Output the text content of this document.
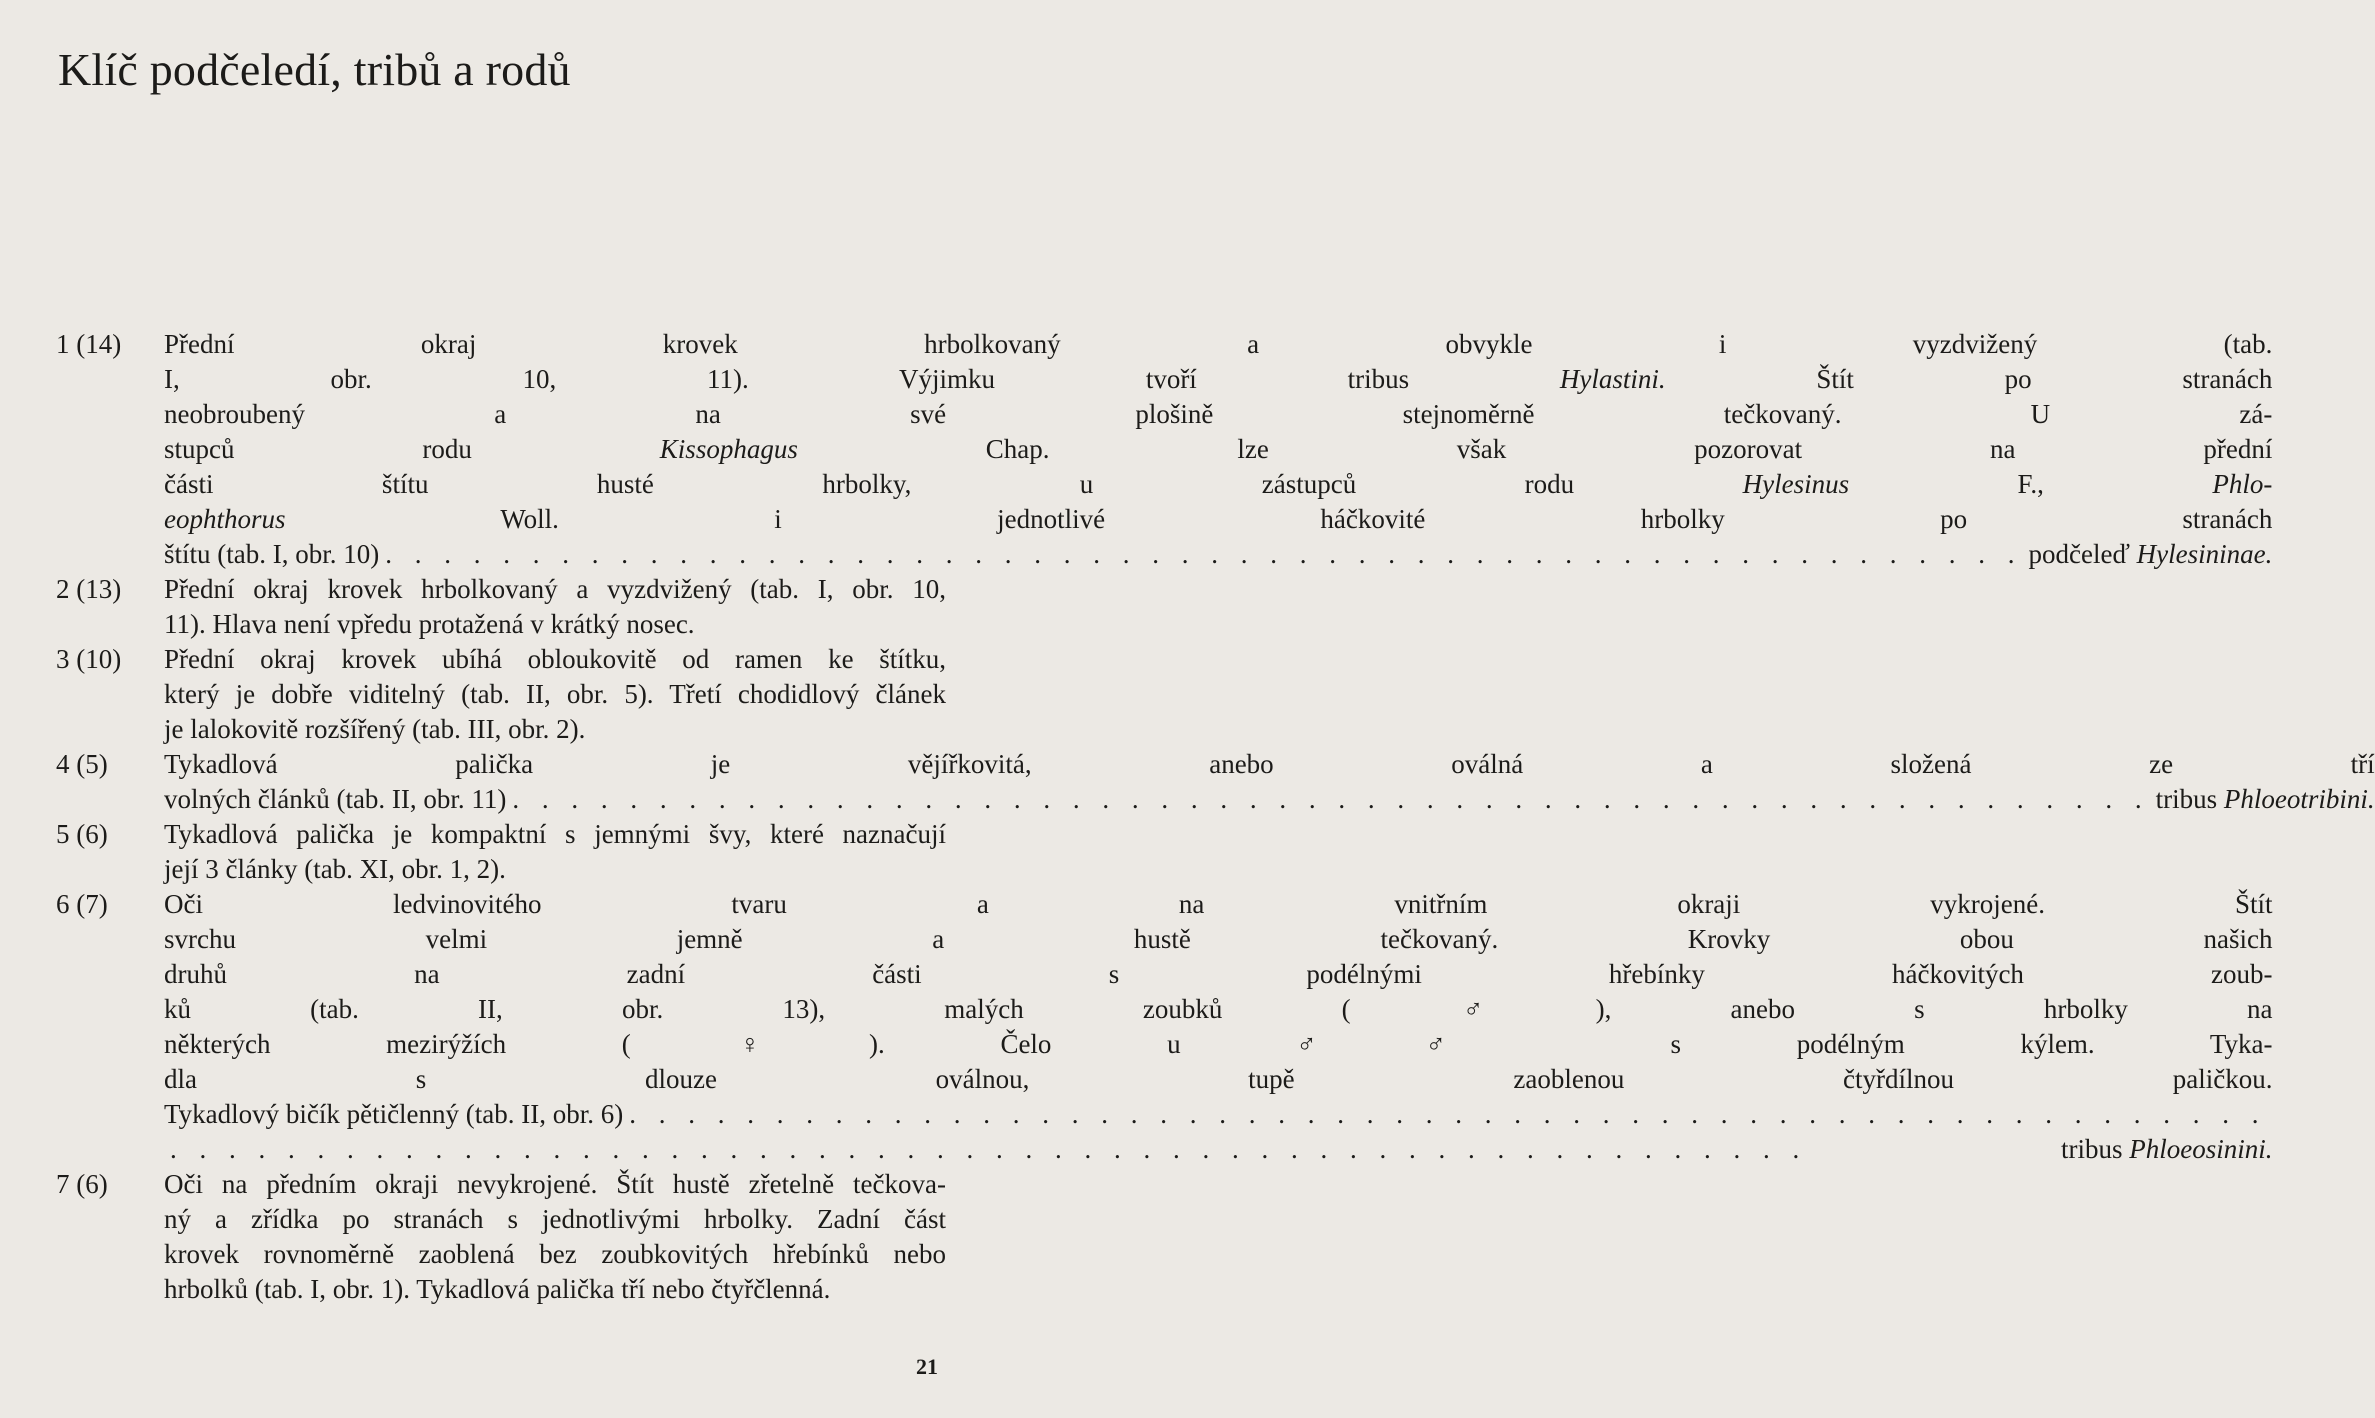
Klíč podčeledí, tribů a rodů
1 (14)	Přední okraj krovek hrbolkovaný a obvykle i vyzdvižený (tab.
I, obr. 10, 11). Výjimku tvoří tribus Hylastini. Štít po stranách
neobroubený a na své plošině stejnoměrně tečkovaný. U zá-
stupců rodu Kissophagus Chap. lze však pozorovat na přední
části štítu husté hrbolky, u zástupců rodu Hylesinus F., Phlo-
eophthorus Woll. i jednotlivé háčkovité hrbolky po stranách
štítu (tab. I, obr. 10) . . . . . . . . . . . . . . . . . . . . . . . . . . . . . . . . . . . . . . . . . . . . . . . . . . . . . . . . podčeleď Hylesininae.
2 (13)	Přední okraj krovek hrbolkovaný a vyzdvižený (tab. I, obr. 10,
11). Hlava není vpředu protažená v krátký nosec.
3 (10)	Přední okraj krovek ubíhá obloukovitě od ramen ke štítku,
který je dobře viditelný (tab. II, obr. 5). Třetí chodidlový článek
je lalokovitě rozšířený (tab. III, obr. 2).
4 (5)	Tykadlová palička je vějířkovitá, anebo oválná a složená ze tří
volných článků (tab. II, obr. 11) . . . . . . . . . . . . . . . . . . . . . . . . . . . . . . . . . . . . . . . . . . . . . . . . . . . . . . . . tribus Phloeotribini.
5 (6)	Tykadlová palička je kompaktní s jemnými švy, které naznačují
její 3 články (tab. XI, obr. 1, 2).
6 (7)	Oči ledvinovitého tvaru a na vnitřním okraji vykrojené. Štít
svrchu velmi jemně a hustě tečkovaný. Krovky obou našich
druhů na zadní části s podélnými hřebínky háčkovitých zoub-
ků (tab. II, obr. 13), malých zoubků (♂), anebo s hrbolky na
některých mezirýžích (♀). Čelo u ♂♂ s podélným kýlem. Tyka-
dla s dlouze oválnou, tupě zaoblenou čtyřdílnou paličkou.
Tykadlový bičík pětičlenný (tab. II, obr. 6) . . . . . . . . . . . . . . . . . . . . . . . . . . . . . . . . . . . . . . . . . . . . . . . . . . . . . . . .
. . . . . . . . . . . . . . . . . . . . . . . . . . . . . . . . . . . . . . . . . . . . . . . . . . . . . . . .	tribus Phloeosinini.
7 (6)	Oči na předním okraji nevykrojené. Štít hustě zřetelně tečkova-
ný a zřídka po stranách s jednotlivými hrbolky. Zadní část
krovek rovnoměrně zaoblená bez zoubkovitých hřebínků nebo
hrbolků (tab. I, obr. 1). Tykadlová palička tří nebo čtyřčlenná.
21
